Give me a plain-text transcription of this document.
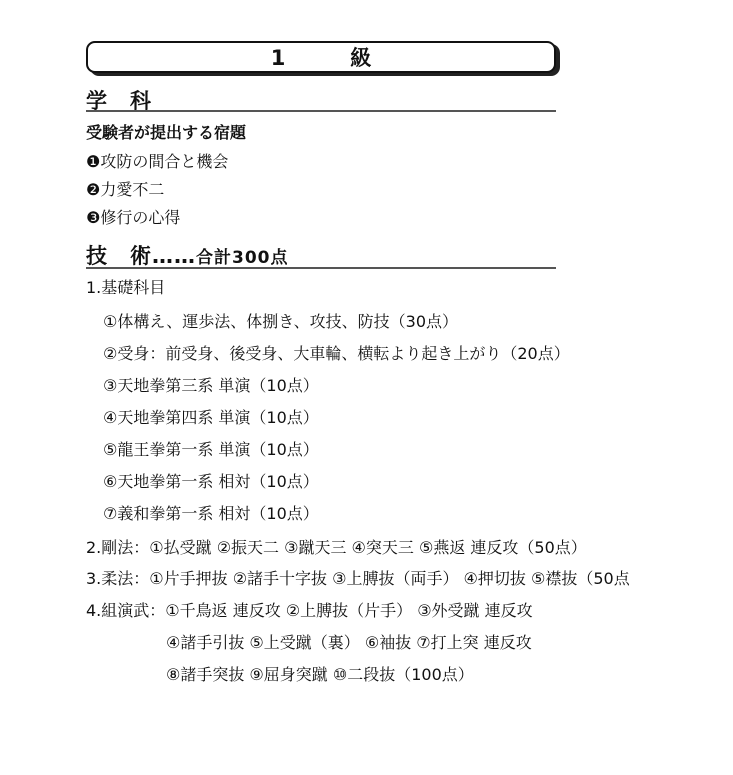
1　級
学　科
受験者が提出する宿題
❶攻防の間合と機会
❷力愛不二
❸修行の心得
技　術……合計300点
1.基礎科目
①体構え、運歩法、体捌き、攻技、防技（30点）
②受身：前受身、後受身、大車輪、横転より起き上がり（20点）
③天地拳第三系 単演（10点）
④天地拳第四系 単演（10点）
⑤龍王拳第一系 単演（10点）
⑥天地拳第一系 相対（10点）
⑦義和拳第一系 相対（10点）
2.剛法：①払受蹴 ②振天二 ③蹴天三 ④突天三 ⑤燕返 連反攻（50点）
3.柔法：①片手押抜 ②諸手十字抜 ③上膊抜（両手） ④押切抜 ⑤襟抜（50点
4.組演武：①千鳥返 連反攻 ②上膊抜（片手） ③外受蹴 連反攻
④諸手引抜 ⑤上受蹴（裏） ⑥袖抜 ⑦打上突 連反攻
⑧諸手突抜 ⑨屈身突蹴 ⑩二段抜（100点）
